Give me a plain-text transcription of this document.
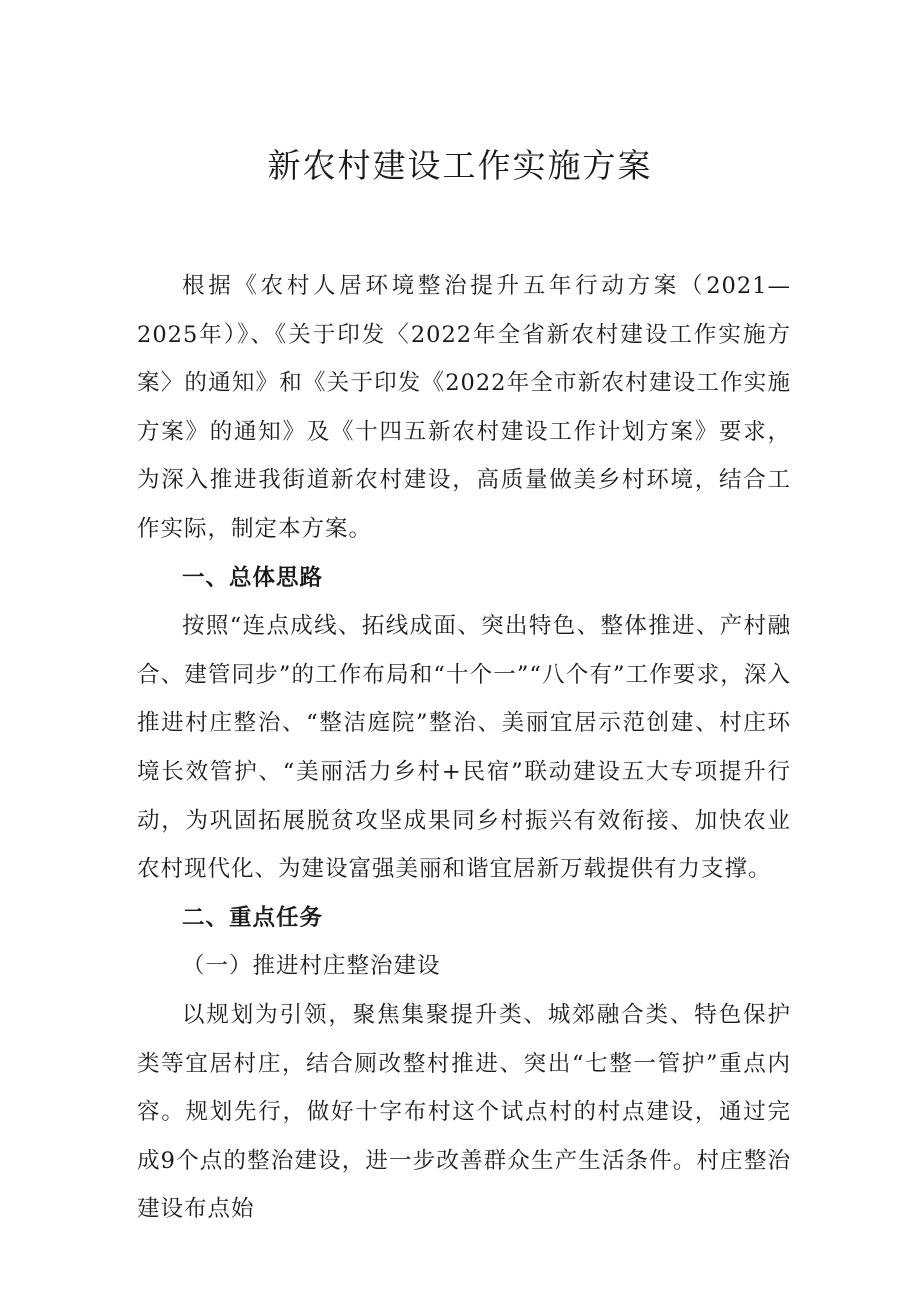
新农村建设工作实施方案

根据《农村人居环境整治提升五年行动方案（2021—2025年）》、《关于印发〈2022年全省新农村建设工作实施方案〉的通知》和《关于印发《2022年全市新农村建设工作实施方案》的通知》及《十四五新农村建设工作计划方案》要求，为深入推进我街道新农村建设，高质量做美乡村环境，结合工作实际，制定本方案。

一、总体思路

按照“连点成线、拓线成面、突出特色、整体推进、产村融合、建管同步”的工作布局和“十个一”“八个有”工作要求，深入推进村庄整治、“整洁庭院”整治、美丽宜居示范创建、村庄环境长效管护、“美丽活力乡村+民宿”联动建设五大专项提升行动，为巩固拓展脱贫攻坚成果同乡村振兴有效衔接、加快农业农村现代化、为建设富强美丽和谐宜居新万载提供有力支撑。

二、重点任务

（一）推进村庄整治建设

以规划为引领，聚焦集聚提升类、城郊融合类、特色保护类等宜居村庄，结合厕改整村推进、突出“七整一管护”重点内容。规划先行，做好十字布村这个试点村的村点建设，通过完成9个点的整治建设，进一步改善群众生产生活条件。村庄整治建设布点始
